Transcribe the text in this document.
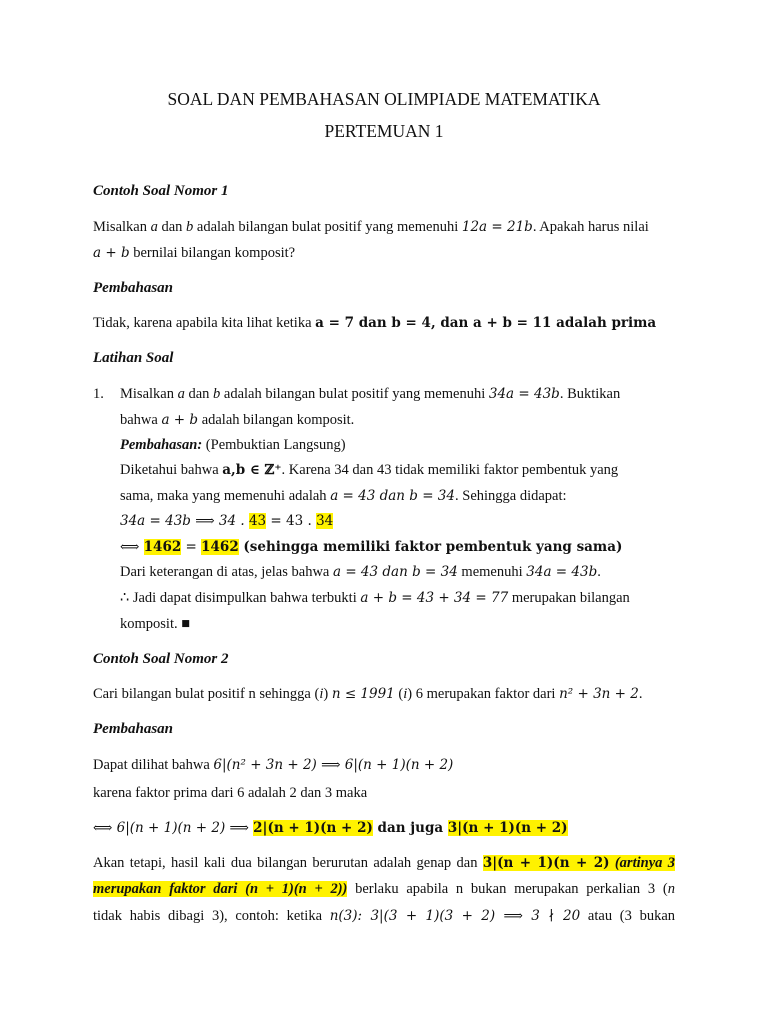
SOAL DAN PEMBAHASAN OLIMPIADE MATEMATIKA
PERTEMUAN 1
Contoh Soal Nomor 1
Misalkan a dan b adalah bilangan bulat positif yang memenuhi 12a = 21b. Apakah harus nilai
a + b bernilai bilangan komposit?
Pembahasan
Tidak, karena apabila kita lihat ketika a = 7 dan b = 4, dan a + b = 11 adalah prima
Latihan Soal
1. Misalkan a dan b adalah bilangan bulat positif yang memenuhi 34a = 43b. Buktikan
bahwa a + b adalah bilangan komposit.
Pembahasan: (Pembuktian Langsung)
Diketahui bahwa a,b ∈ ℤ⁺. Karena 34 dan 43 tidak memiliki faktor pembentuk yang
sama, maka yang memenuhi adalah a = 43 dan b = 34. Sehingga didapat:
34a = 43b ⟹ 34 . 43 = 43 . 34
⟺ 1462 = 1462 (sehingga memiliki faktor pembentuk yang sama)
Dari keterangan di atas, jelas bahwa a = 43 dan b = 34 memenuhi 34a = 43b.
∴ Jadi dapat disimpulkan bahwa terbukti a + b = 43 + 34 = 77 merupakan bilangan
komposit. ■
Contoh Soal Nomor 2
Cari bilangan bulat positif n sehingga (i) n ≤ 1991 (i) 6 merupakan faktor dari n² + 3n + 2.
Pembahasan
Dapat dilihat bahwa 6|(n² + 3n + 2) ⟹ 6|(n + 1)(n + 2)
karena faktor prima dari 6 adalah 2 dan 3 maka
⟺ 6|(n + 1)(n + 2) ⟹ 2|(n + 1)(n + 2) dan juga 3|(n + 1)(n + 2)
Akan tetapi, hasil kali dua bilangan berurutan adalah genap dan 3|(n + 1)(n + 2) (artinya 3
merupakan faktor dari (n + 1)(n + 2)) berlaku apabila n bukan merupakan perkalian 3 (n
tidak habis dibagi 3), contoh: ketika n(3): 3|(3 + 1)(3 + 2) ⟹ 3 ∤ 20 atau (3 bukan
